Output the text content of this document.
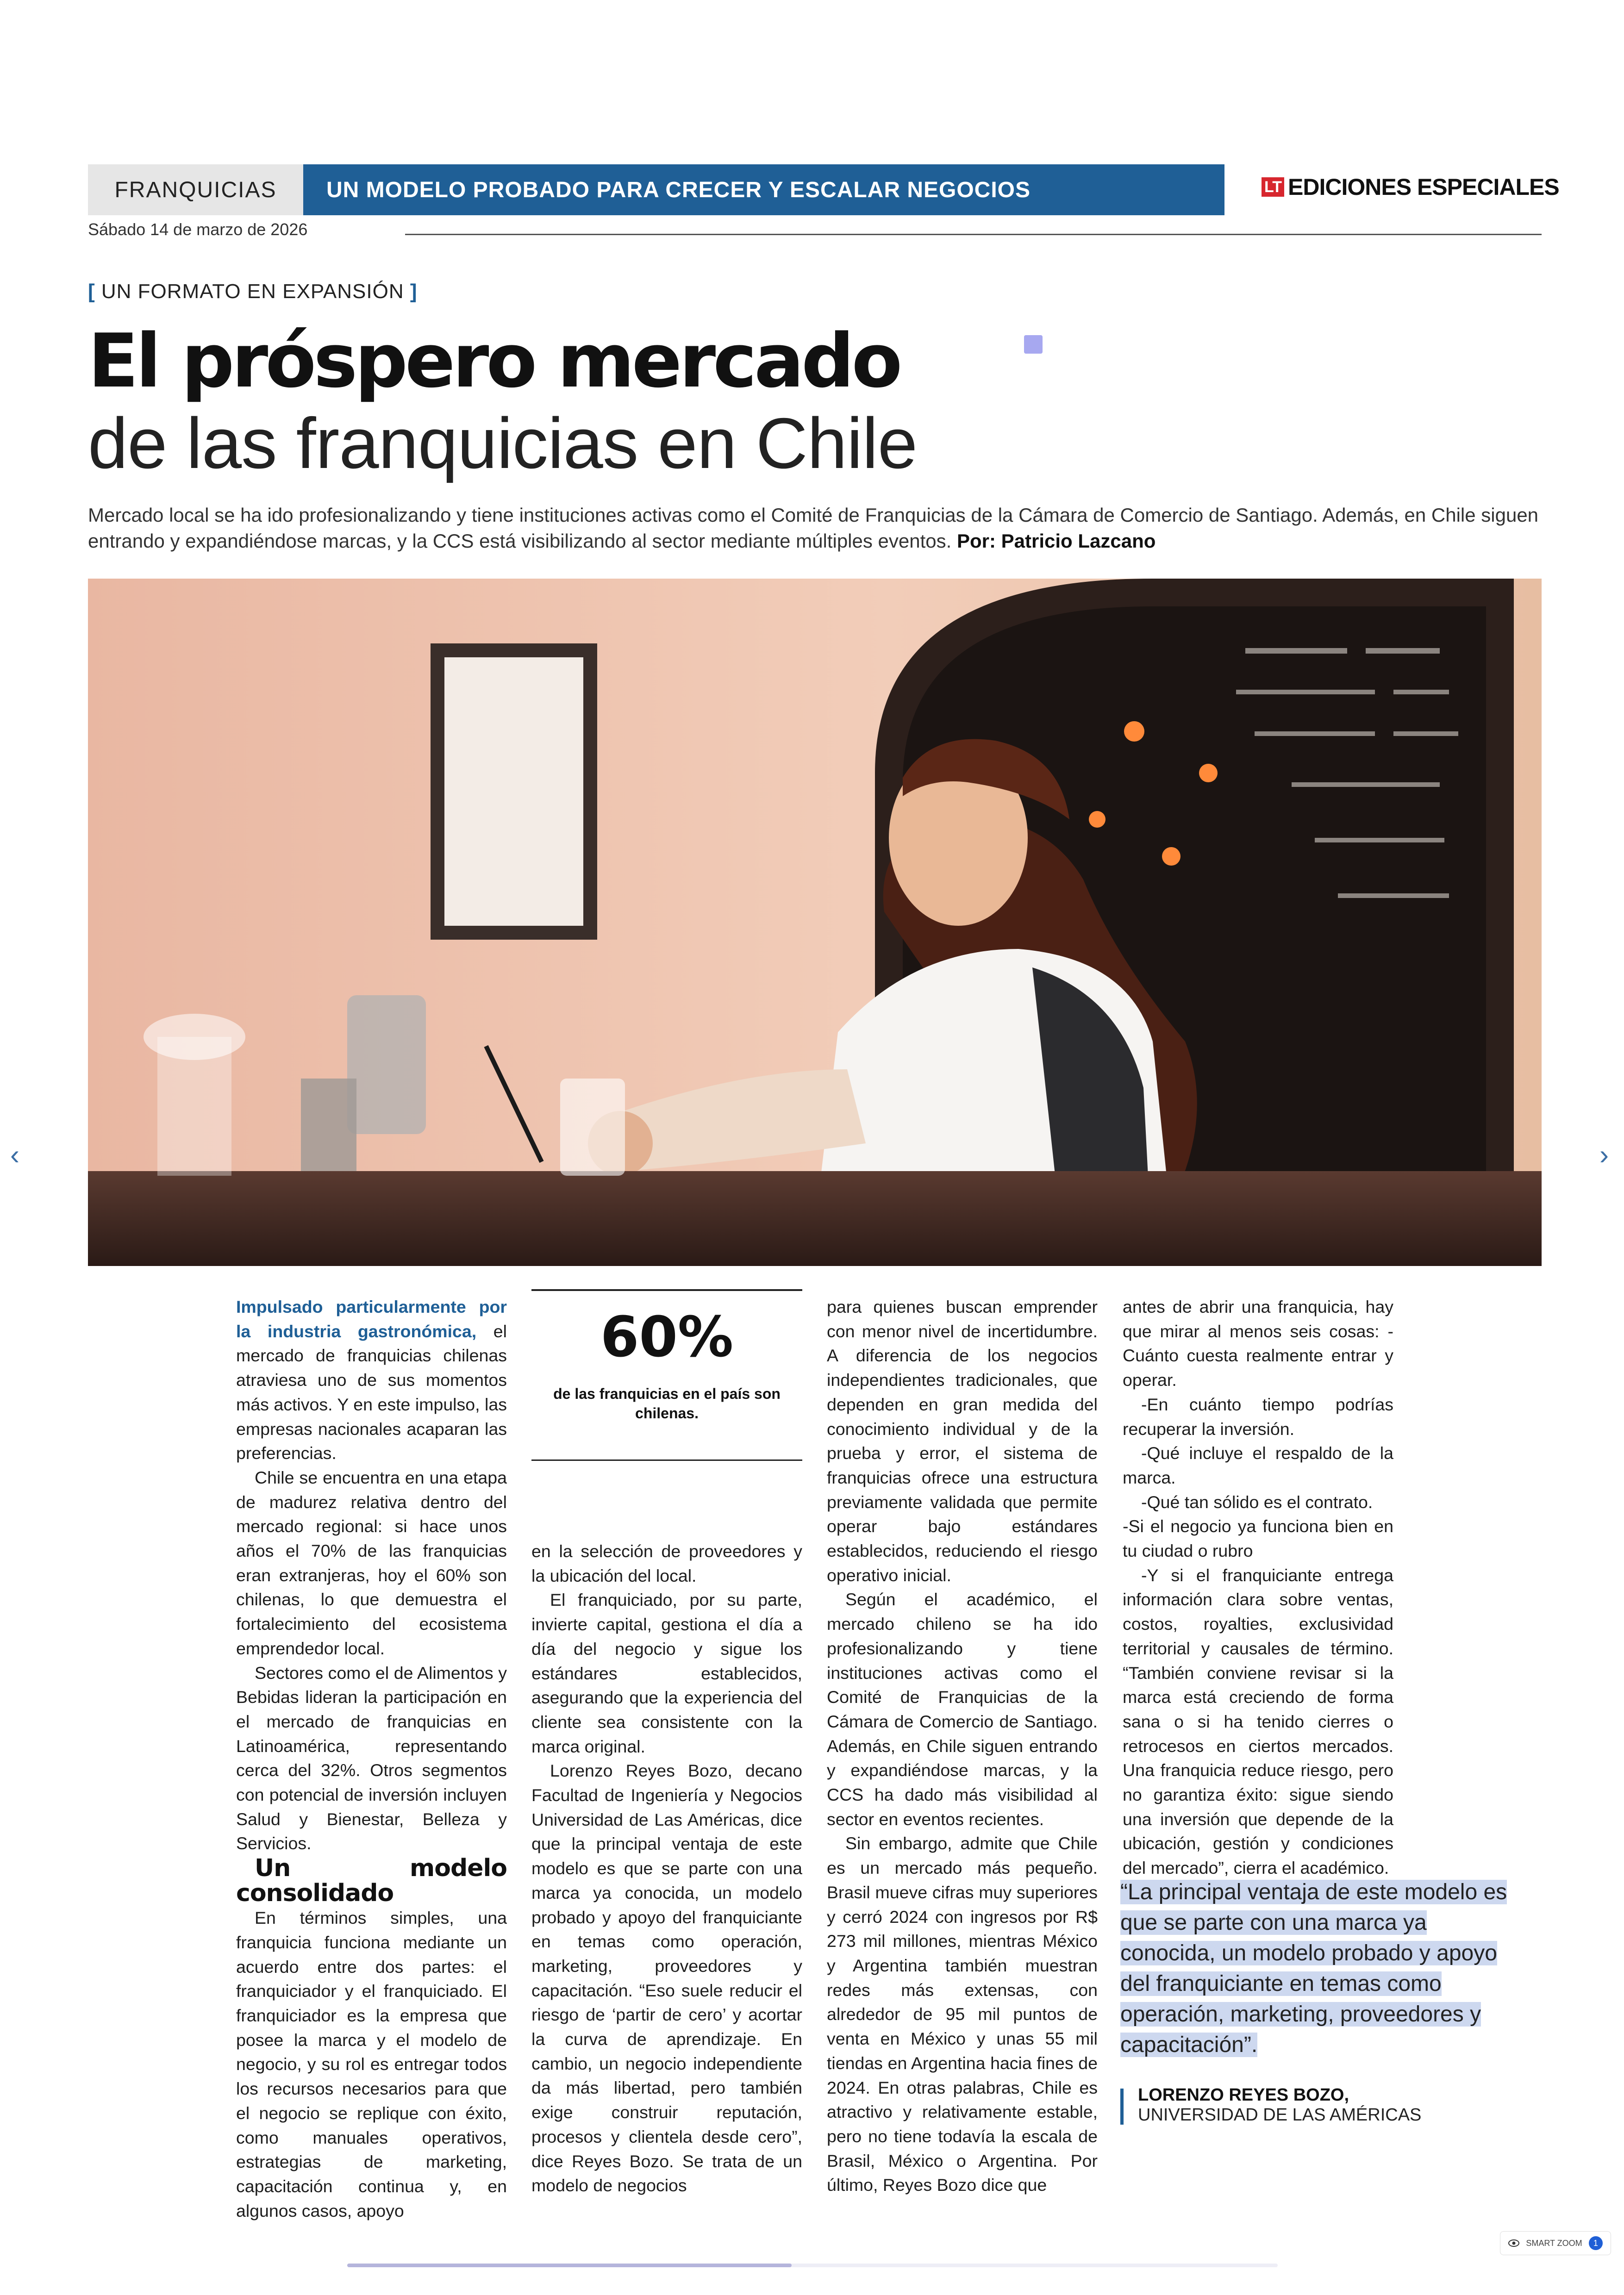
FRANQUICIAS	UN MODELO PROBADO PARA CRECER Y ESCALAR NEGOCIOS	LT EDICIONES ESPECIALES
Sábado 14 de marzo de 2026
[ UN FORMATO EN EXPANSIÓN ]
El próspero mercado
de las franquicias en Chile
Mercado local se ha ido profesionalizando y tiene instituciones activas como el Comité de Franquicias de la Cámara de Comercio de Santiago. Además, en Chile siguen entrando y expandiéndose marcas, y la CCS está visibilizando al sector mediante múltiples eventos. Por: Patricio Lazcano
‹	›

Impulsado particularmente por la industria gastronómica, el mercado de franquicias chilenas atraviesa uno de sus momentos más activos. Y en este impulso, las empresas nacionales acaparan las preferencias.

Chile se encuentra en una etapa de madurez relativa dentro del mercado regional: si hace unos años el 70% de las franquicias eran extranjeras, hoy el 60% son chilenas, lo que demuestra el fortalecimiento del ecosistema emprendedor local.

Sectores como el de Alimentos y Bebidas lideran la participación en el mercado de franquicias en Latinoamérica, representando cerca del 32%. Otros segmentos con potencial de inversión incluyen Salud y Bienestar, Belleza y Servicios.

Un modelo consolidado

En términos simples, una franquicia funciona mediante un acuerdo entre dos partes: el franquiciador y el franquiciado. El franquiciador es la empresa que posee la marca y el modelo de negocio, y su rol es entregar todos los recursos necesarios para que el negocio se replique con éxito, como manuales operativos, estrategias de marketing, capacitación continua y, en algunos casos, apoyo

60%
de las franquicias en el país son chilenas.

en la selección de proveedores y la ubicación del local.

El franquiciado, por su parte, invierte capital, gestiona el día a día del negocio y sigue los estándares establecidos, asegurando que la experiencia del cliente sea consistente con la marca original.

Lorenzo Reyes Bozo, decano Facultad de Ingeniería y Negocios Universidad de Las Américas, dice que la principal ventaja de este modelo es que se parte con una marca ya conocida, un modelo probado y apoyo del franquiciante en temas como operación, marketing, proveedores y capacitación. “Eso suele reducir el riesgo de ‘partir de cero’ y acortar la curva de aprendizaje. En cambio, un negocio independiente da más libertad, pero también exige construir reputación, procesos y clientela desde cero”, dice Reyes Bozo. Se trata de un modelo de negocios

para quienes buscan emprender con menor nivel de incertidumbre. A diferencia de los negocios independientes tradicionales, que dependen en gran medida del conocimiento individual y de la prueba y error, el sistema de franquicias ofrece una estructura previamente validada que permite operar bajo estándares establecidos, reduciendo el riesgo operativo inicial.

Según el académico, el mercado chileno se ha ido profesionalizando y tiene instituciones activas como el Comité de Franquicias de la Cámara de Comercio de Santiago. Además, en Chile siguen entrando y expandiéndose marcas, y la CCS ha dado más visibilidad al sector en eventos recientes.

Sin embargo, admite que Chile es un mercado más pequeño. Brasil mueve cifras muy superiores y cerró 2024 con ingresos por R$ 273 mil millones, mientras México y Argentina también muestran redes más extensas, con alrededor de 95 mil puntos de venta en México y unas 55 mil tiendas en Argentina hacia fines de 2024. En otras palabras, Chile es atractivo y relativamente estable, pero no tiene todavía la escala de Brasil, México o Argentina. Por último, Reyes Bozo dice que

antes de abrir una franquicia, hay que mirar al menos seis cosas: -Cuánto cuesta realmente entrar y operar.

-En cuánto tiempo podrías recuperar la inversión.

-Qué incluye el respaldo de la marca.

-Qué tan sólido es el contrato.

-Si el negocio ya funciona bien en tu ciudad o rubro

-Y si el franquiciante entrega información clara sobre ventas, costos, royalties, exclusividad territorial y causales de término. “También conviene revisar si la marca está creciendo de forma sana o si ha tenido cierres o retrocesos en ciertos mercados. Una franquicia reduce riesgo, pero no garantiza éxito: sigue siendo una inversión que depende de la ubicación, gestión y condiciones del mercado”, cierra el académico.

“La principal ventaja de este modelo es que se parte con una marca ya conocida, un modelo probado y apoyo del franquiciante en temas como operación, marketing, proveedores y capacitación”.
LORENZO REYES BOZO,
UNIVERSIDAD DE LAS AMÉRICAS
SMART ZOOM	1
